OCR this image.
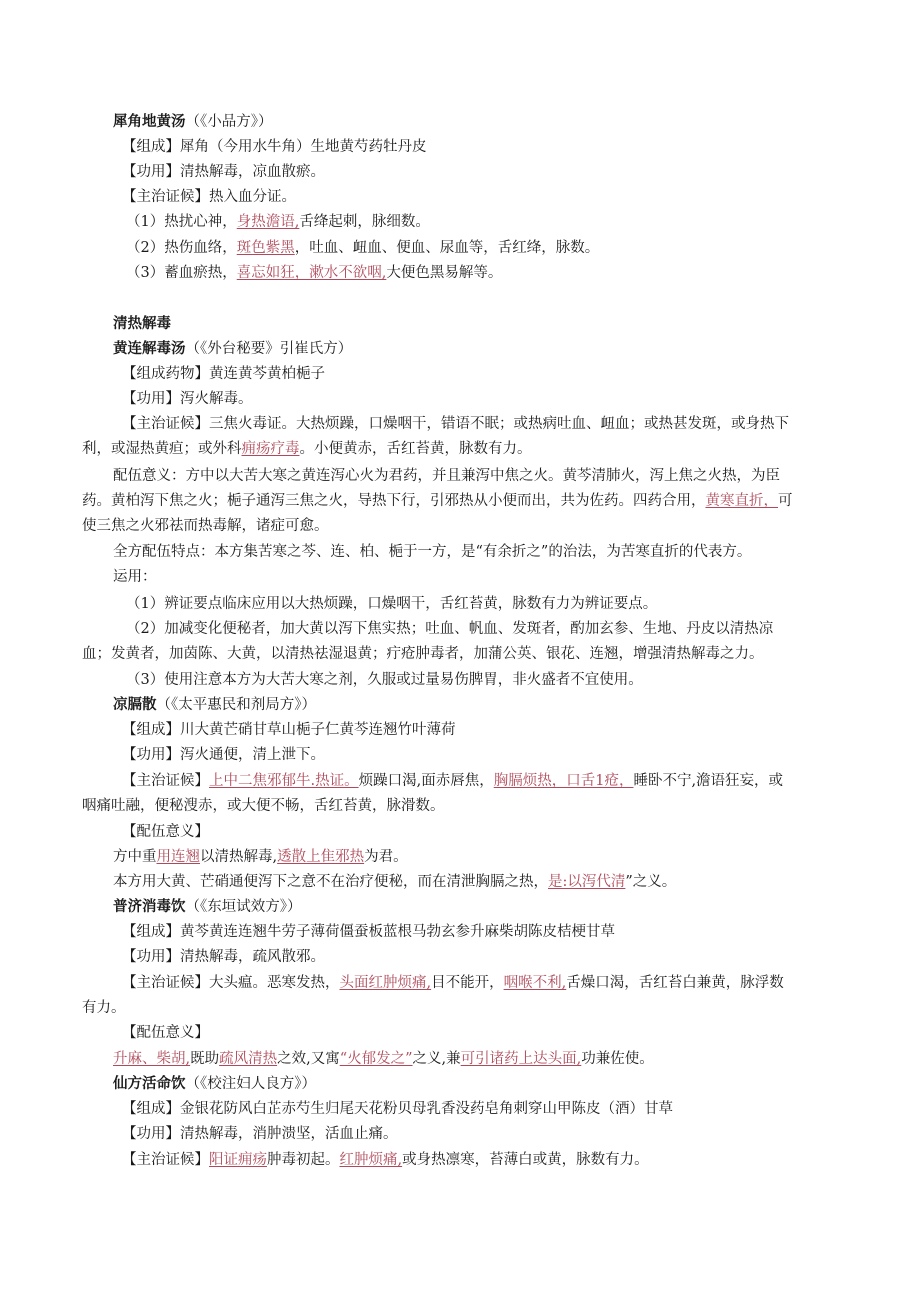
犀角地黄汤（《小品方》）
【组成】犀角（今用水牛角）生地黄芍药牡丹皮
【功用】清热解毒，凉血散瘀。
【主治证候】热入血分证。
（1）热扰心神，身热澹语,舌绛起刺，脉细数。
（2）热伤血络，斑色紫黑，吐血、衄血、便血、尿血等，舌红绛，脉数。
（3）蓄血瘀热，喜忘如狂，漱水不欲咽,大便色黑易解等。
清热解毒
黄连解毒汤（《外台秘要》引崔氏方）
【组成药物】黄连黄芩黄柏梔子
【功用】泻火解毒。
【主治证候】三焦火毒证。大热烦躁，口燥咽干，错语不眠；或热病吐血、衄血；或热甚发斑，或身热下
利，或湿热黄疸；或外科痈疡疗毒。小便黄赤，舌红苔黄，脉数有力。
配伍意义：方中以大苦大寒之黄连泻心火为君药，并且兼泻中焦之火。黄芩清肺火，泻上焦之火热，为臣
药。黄柏泻下焦之火；梔子通泻三焦之火，导热下行，引邪热从小便而出，共为佐药。四药合用，黄寒直折，可
使三焦之火邪祛而热毒解，诸症可愈。
全方配伍特点：本方集苦寒之芩、连、柏、梔于一方，是“有余折之”的治法，为苦寒直折的代表方。
运用：
（1）辨证要点临床应用以大热烦躁，口燥咽干，舌红苔黄，脉数有力为辨证要点。
（2）加减变化便秘者，加大黄以泻下焦实热；吐血、帆血、发斑者，酌加玄参、生地、丹皮以清热凉
血；发黄者，加茵陈、大黄，以清热祛湿退黄；疔疮肿毒者，加蒲公英、银花、连翘，增强清热解毒之力。
（3）使用注意本方为大苦大寒之剂，久服或过量易伤脾胃，非火盛者不宜使用。
凉膈散（《太平惠民和剂局方》）
【组成】川大黄芒硝甘草山梔子仁黄芩连翘竹叶薄荷
【功用】泻火通便，清上泄下。
【主治证候】上中二焦邪郁牛.热证。烦躁口渴,面赤唇焦，胸膈烦热，口舌1疮，睡卧不宁,澹语狂妄，或
咽痛吐融，便秘溲赤，或大便不畅，舌红苔黄，脉滑数。
【配伍意义】
方中重用连翘以清热解毒,透散上隹邪热为君。
本方用大黄、芒硝通便泻下之意不在治疗便秘，而在清泄胸膈之热，是:以泻代清”之义。
普济消毒饮（《东垣试效方》）
【组成】黄芩黄连连翘牛劳子薄荷僵蚕板蓝根马勃玄参升麻柴胡陈皮桔梗甘草
【功用】清热解毒，疏风散邪。
【主治证候】大头瘟。恶寒发热，头面红肿烦痛,目不能开，咽喉不利,舌燥口渴，舌红苔白兼黄，脉浮数
有力。
【配伍意义】
升麻、柴胡,既助疏风清热之效,又寓“火郁发之”之义,兼可引诸药上达头面,功兼佐使。
仙方活命饮（《校注妇人良方》）
【组成】金银花防风白芷赤芍生归尾天花粉贝母乳香没药皂角刺穿山甲陈皮（酒）甘草
【功用】清热解毒，消肿溃坚，活血止痛。
【主治证候】阳证痈疡肿毒初起。红肿烦痛,或身热凛寒，苔薄白或黄，脉数有力。
